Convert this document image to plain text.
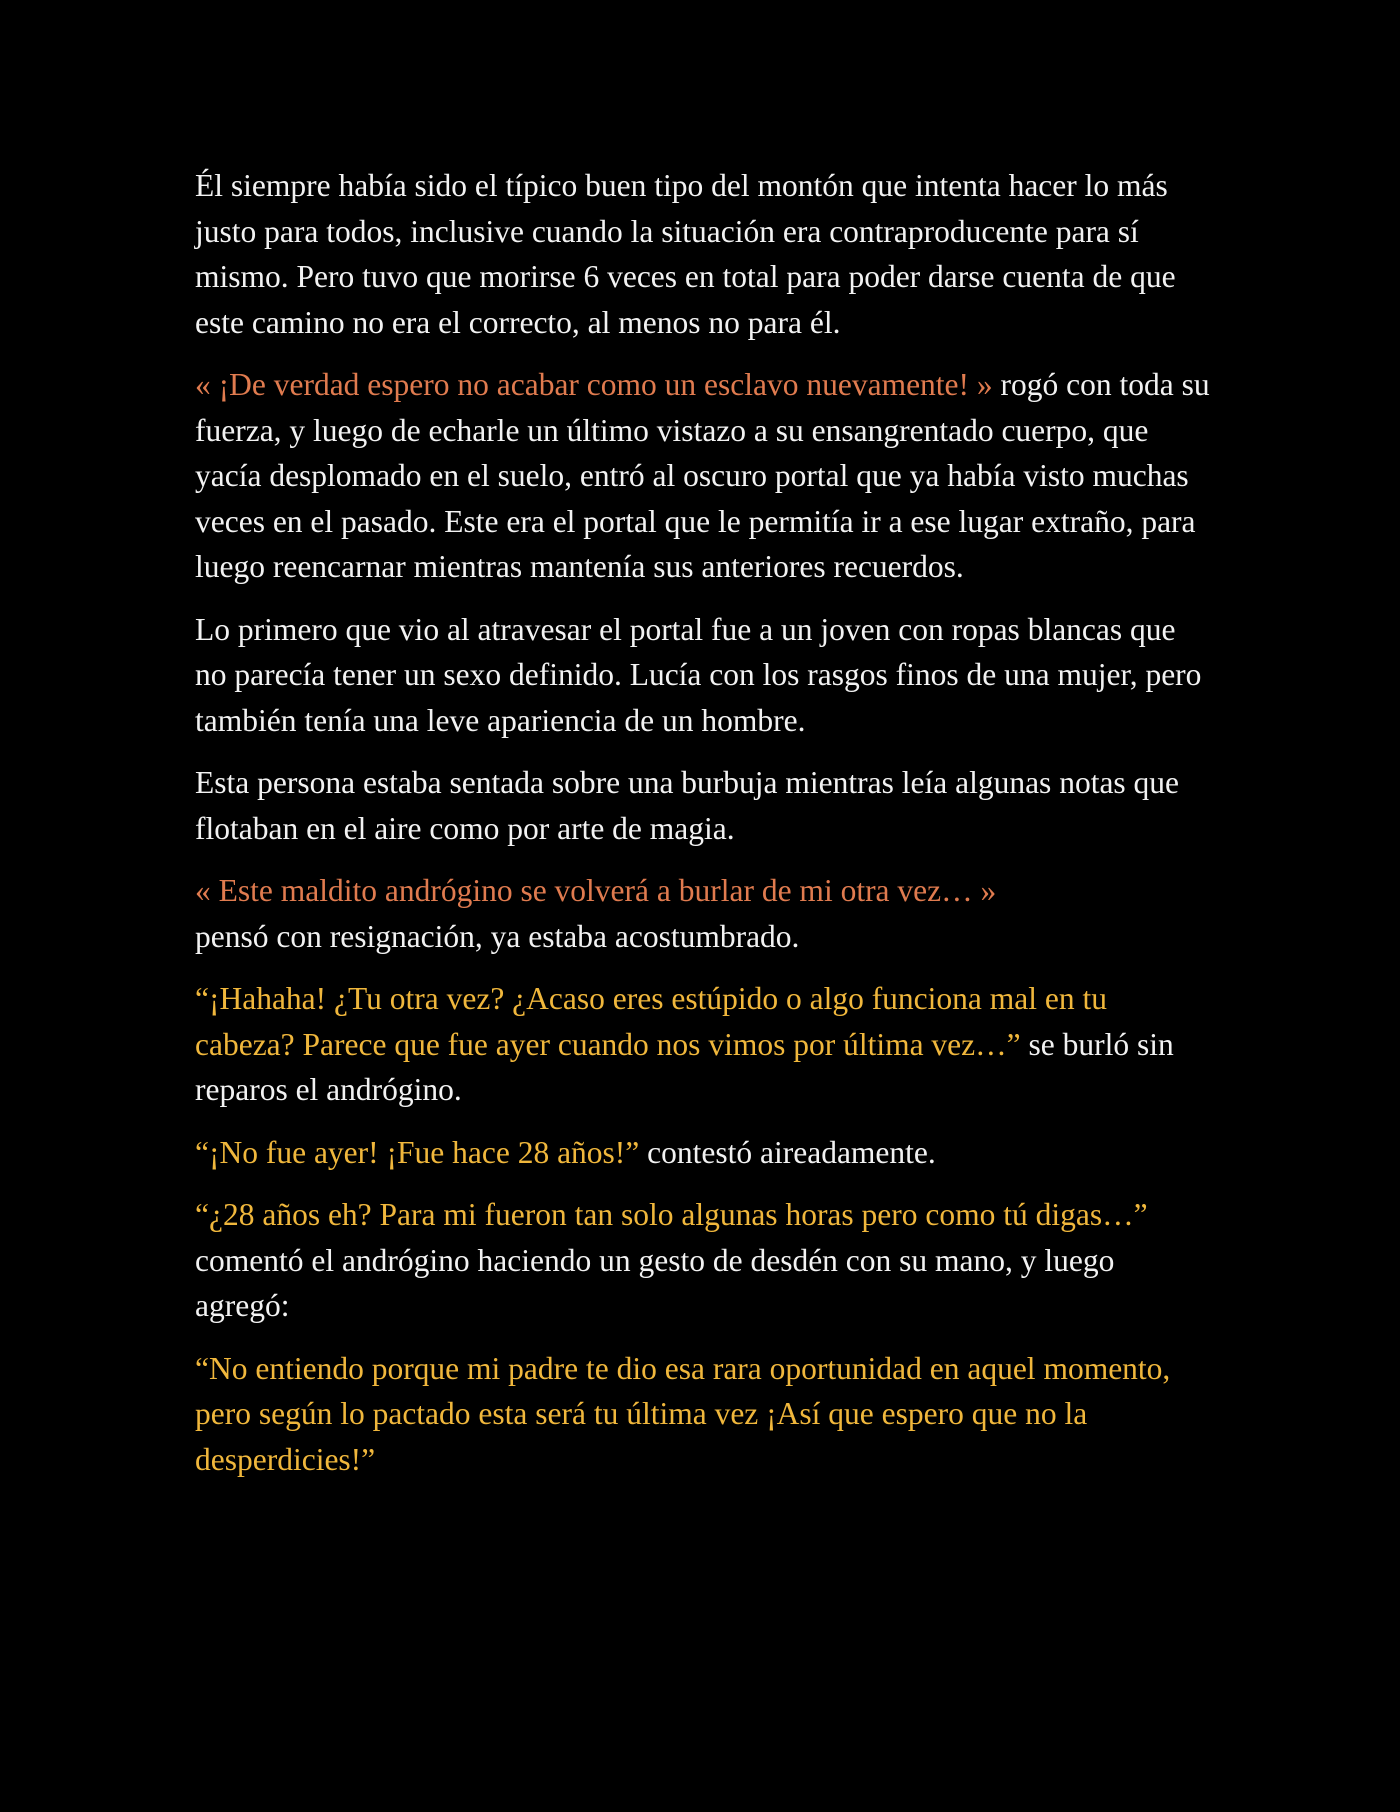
Él siempre había sido el típico buen tipo del montón que intenta hacer lo más justo para todos, inclusive cuando la situación era contraproducente para sí mismo. Pero tuvo que morirse 6 veces en total para poder darse cuenta de que este camino no era el correcto, al menos no para él.

« ¡De verdad espero no acabar como un esclavo nuevamente! » rogó con toda su fuerza, y luego de echarle un último vistazo a su ensangrentado cuerpo, que yacía desplomado en el suelo, entró al oscuro portal que ya había visto muchas veces en el pasado. Este era el portal que le permitía ir a ese lugar extraño, para luego reencarnar mientras mantenía sus anteriores recuerdos.

Lo primero que vio al atravesar el portal fue a un joven con ropas blancas que no parecía tener un sexo definido. Lucía con los rasgos finos de una mujer, pero también tenía una leve apariencia de un hombre.

Esta persona estaba sentada sobre una burbuja mientras leía algunas notas que flotaban en el aire como por arte de magia.

« Este maldito andrógino se volverá a burlar de mi otra vez… »
pensó con resignación, ya estaba acostumbrado.

“¡Hahaha! ¿Tu otra vez? ¿Acaso eres estúpido o algo funciona mal en tu cabeza? Parece que fue ayer cuando nos vimos por última vez…” se burló sin reparos el andrógino.

“¡No fue ayer! ¡Fue hace 28 años!” contestó aireadamente.

“¿28 años eh? Para mi fueron tan solo algunas horas pero como tú digas…” comentó el andrógino haciendo un gesto de desdén con su mano, y luego agregó:

“No entiendo porque mi padre te dio esa rara oportunidad en aquel momento, pero según lo pactado esta será tu última vez ¡Así que espero que no la desperdicies!”
